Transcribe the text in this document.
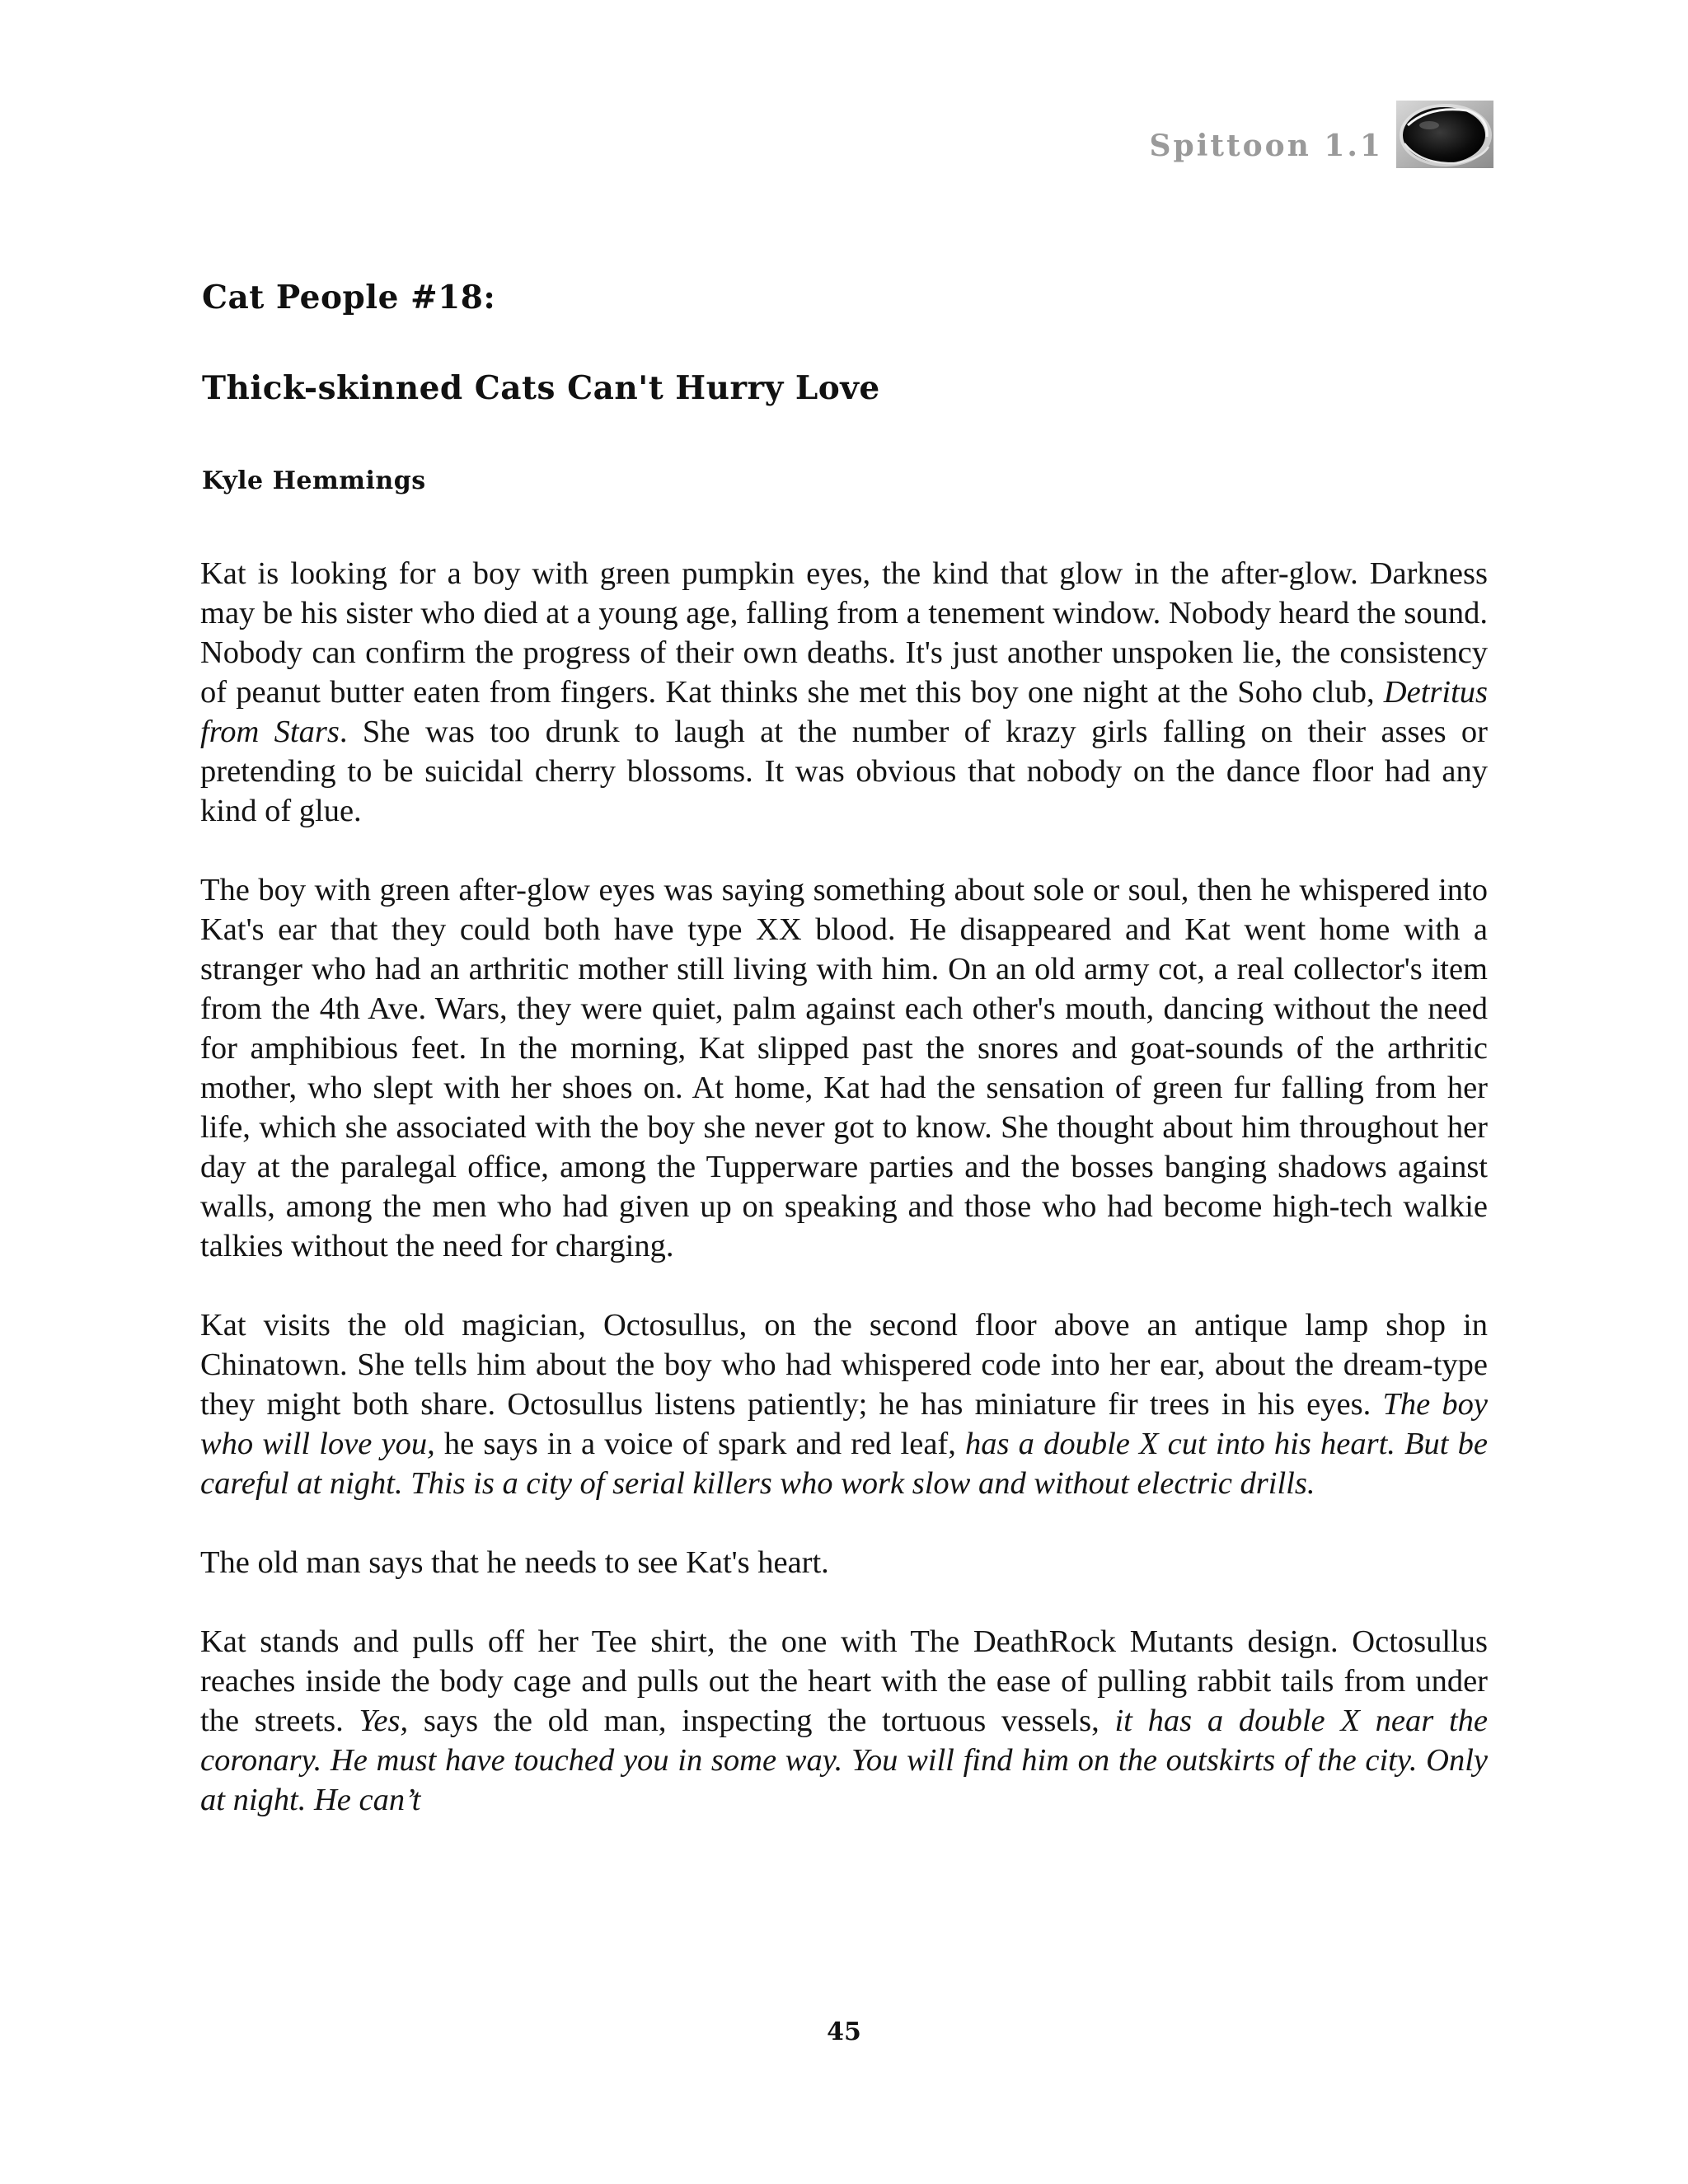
Spittoon 1.1
Cat People #18:
Thick-skinned Cats Can't Hurry Love
Kyle Hemmings

Kat is looking for a boy with green pumpkin eyes, the kind that glow in the after-glow. Darkness may be his sister who died at a young age, falling from a tenement window. Nobody heard the sound. Nobody can confirm the progress of their own deaths. It's just another unspoken lie, the consistency of peanut butter eaten from fingers. Kat thinks she met this boy one night at the Soho club, Detritus from Stars. She was too drunk to laugh at the number of krazy girls falling on their asses or pretending to be suicidal cherry blossoms. It was obvious that nobody on the dance floor had any kind of glue.

The boy with green after-glow eyes was saying something about sole or soul, then he whispered into Kat's ear that they could both have type XX blood. He disappeared and Kat went home with a stranger who had an arthritic mother still living with him. On an old army cot, a real collector's item from the 4th Ave. Wars, they were quiet, palm against each other's mouth, dancing without the need for amphibious feet. In the morning, Kat slipped past the snores and goat-sounds of the arthritic mother, who slept with her shoes on. At home, Kat had the sensation of green fur falling from her life, which she associated with the boy she never got to know. She thought about him throughout her day at the paralegal office, among the Tupperware parties and the bosses banging shadows against walls, among the men who had given up on speaking and those who had become high-tech walkie talkies without the need for charging.

Kat visits the old magician, Octosullus, on the second floor above an antique lamp shop in Chinatown. She tells him about the boy who had whispered code into her ear, about the dream-type they might both share. Octosullus listens patiently; he has miniature fir trees in his eyes. The boy who will love you, he says in a voice of spark and red leaf, has a double X cut into his heart. But be careful at night. This is a city of serial killers who work slow and without electric drills.

The old man says that he needs to see Kat's heart.

Kat stands and pulls off her Tee shirt, the one with The DeathRock Mutants design. Octosullus reaches inside the body cage and pulls out the heart with the ease of pulling rabbit tails from under the streets. Yes, says the old man, inspecting the tortuous vessels, it has a double X near the coronary. He must have touched you in some way. You will find him on the outskirts of the city. Only at night. He can’t

45
